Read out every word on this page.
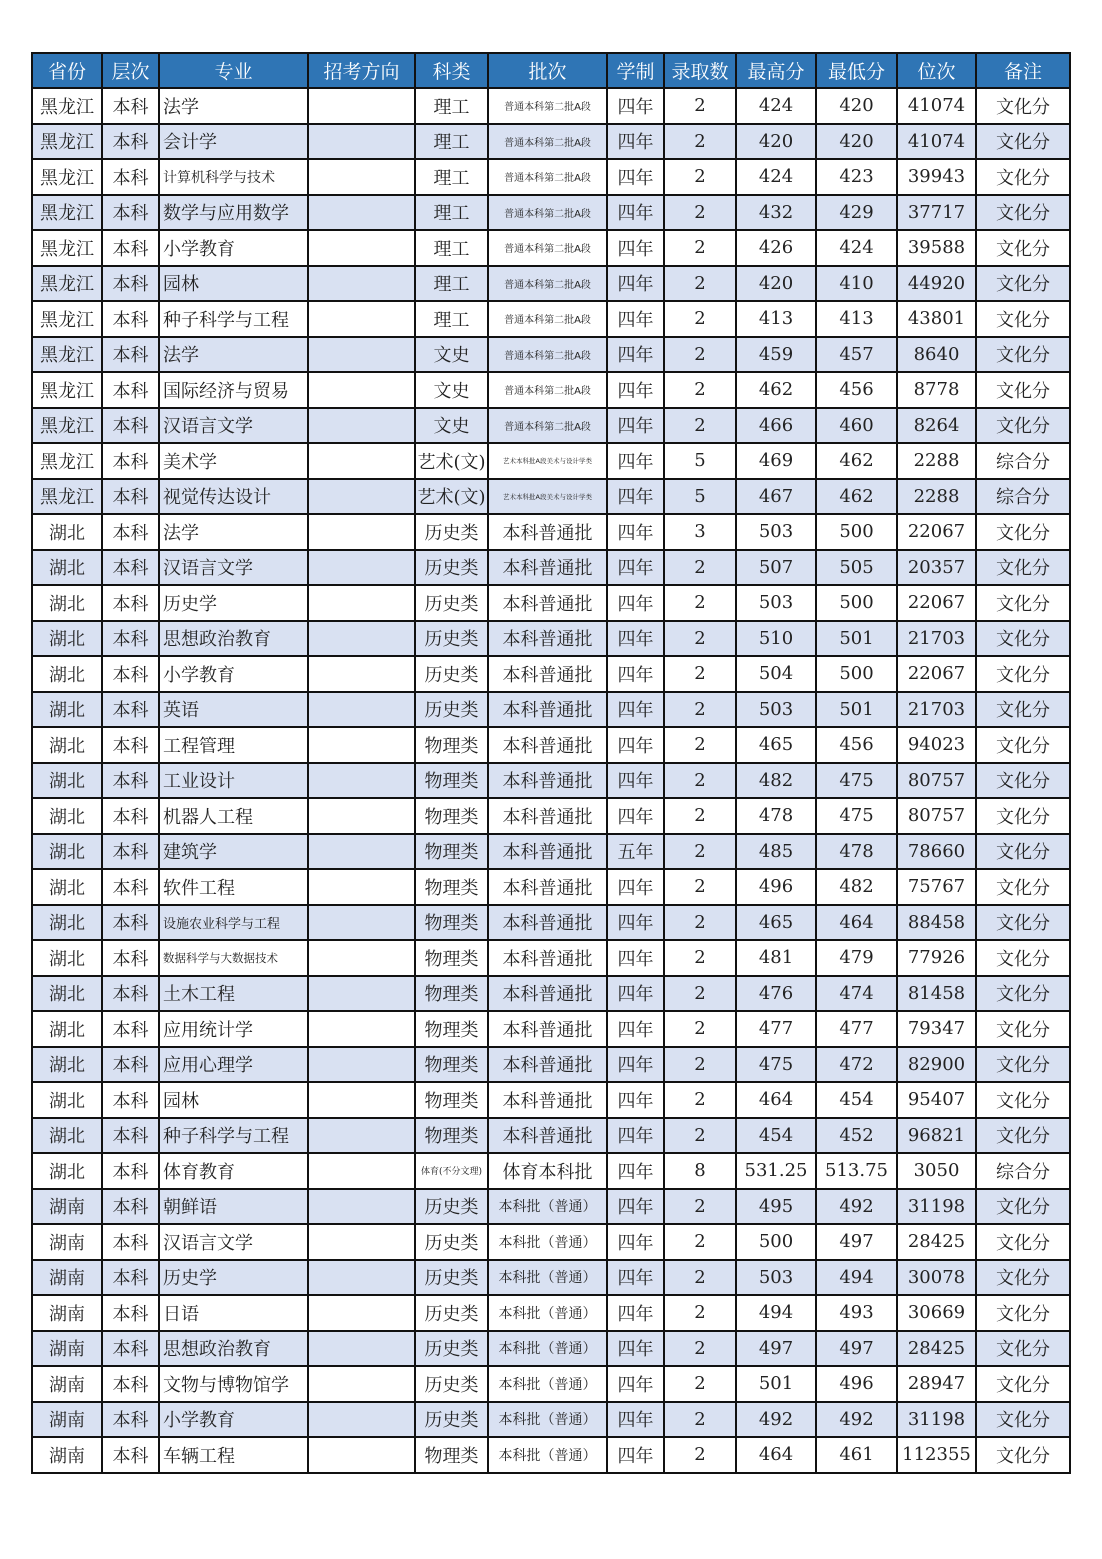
省份	层次	专业	招考方向	科类	批次	学制	录取数	最高分	最低分	位次	备注
黑龙江	本科	法学		理工	普通本科第二批A段	四年	2	424	420	41074	文化分
黑龙江	本科	会计学		理工	普通本科第二批A段	四年	2	420	420	41074	文化分
黑龙江	本科	计算机科学与技术		理工	普通本科第二批A段	四年	2	424	423	39943	文化分
黑龙江	本科	数学与应用数学		理工	普通本科第二批A段	四年	2	432	429	37717	文化分
黑龙江	本科	小学教育		理工	普通本科第二批A段	四年	2	426	424	39588	文化分
黑龙江	本科	园林		理工	普通本科第二批A段	四年	2	420	410	44920	文化分
黑龙江	本科	种子科学与工程		理工	普通本科第二批A段	四年	2	413	413	43801	文化分
黑龙江	本科	法学		文史	普通本科第二批A段	四年	2	459	457	8640	文化分
黑龙江	本科	国际经济与贸易		文史	普通本科第二批A段	四年	2	462	456	8778	文化分
黑龙江	本科	汉语言文学		文史	普通本科第二批A段	四年	2	466	460	8264	文化分
黑龙江	本科	美术学		艺术(文)	艺术本科批A段美术与设计学类	四年	5	469	462	2288	综合分
黑龙江	本科	视觉传达设计		艺术(文)	艺术本科批A段美术与设计学类	四年	5	467	462	2288	综合分
湖北	本科	法学		历史类	本科普通批	四年	3	503	500	22067	文化分
湖北	本科	汉语言文学		历史类	本科普通批	四年	2	507	505	20357	文化分
湖北	本科	历史学		历史类	本科普通批	四年	2	503	500	22067	文化分
湖北	本科	思想政治教育		历史类	本科普通批	四年	2	510	501	21703	文化分
湖北	本科	小学教育		历史类	本科普通批	四年	2	504	500	22067	文化分
湖北	本科	英语		历史类	本科普通批	四年	2	503	501	21703	文化分
湖北	本科	工程管理		物理类	本科普通批	四年	2	465	456	94023	文化分
湖北	本科	工业设计		物理类	本科普通批	四年	2	482	475	80757	文化分
湖北	本科	机器人工程		物理类	本科普通批	四年	2	478	475	80757	文化分
湖北	本科	建筑学		物理类	本科普通批	五年	2	485	478	78660	文化分
湖北	本科	软件工程		物理类	本科普通批	四年	2	496	482	75767	文化分
湖北	本科	设施农业科学与工程		物理类	本科普通批	四年	2	465	464	88458	文化分
湖北	本科	数据科学与大数据技术		物理类	本科普通批	四年	2	481	479	77926	文化分
湖北	本科	土木工程		物理类	本科普通批	四年	2	476	474	81458	文化分
湖北	本科	应用统计学		物理类	本科普通批	四年	2	477	477	79347	文化分
湖北	本科	应用心理学		物理类	本科普通批	四年	2	475	472	82900	文化分
湖北	本科	园林		物理类	本科普通批	四年	2	464	454	95407	文化分
湖北	本科	种子科学与工程		物理类	本科普通批	四年	2	454	452	96821	文化分
湖北	本科	体育教育		体育(不分文理)	体育本科批	四年	8	531.25	513.75	3050	综合分
湖南	本科	朝鲜语		历史类	本科批（普通）	四年	2	495	492	31198	文化分
湖南	本科	汉语言文学		历史类	本科批（普通）	四年	2	500	497	28425	文化分
湖南	本科	历史学		历史类	本科批（普通）	四年	2	503	494	30078	文化分
湖南	本科	日语		历史类	本科批（普通）	四年	2	494	493	30669	文化分
湖南	本科	思想政治教育		历史类	本科批（普通）	四年	2	497	497	28425	文化分
湖南	本科	文物与博物馆学		历史类	本科批（普通）	四年	2	501	496	28947	文化分
湖南	本科	小学教育		历史类	本科批（普通）	四年	2	492	492	31198	文化分
湖南	本科	车辆工程		物理类	本科批（普通）	四年	2	464	461	112355	文化分
